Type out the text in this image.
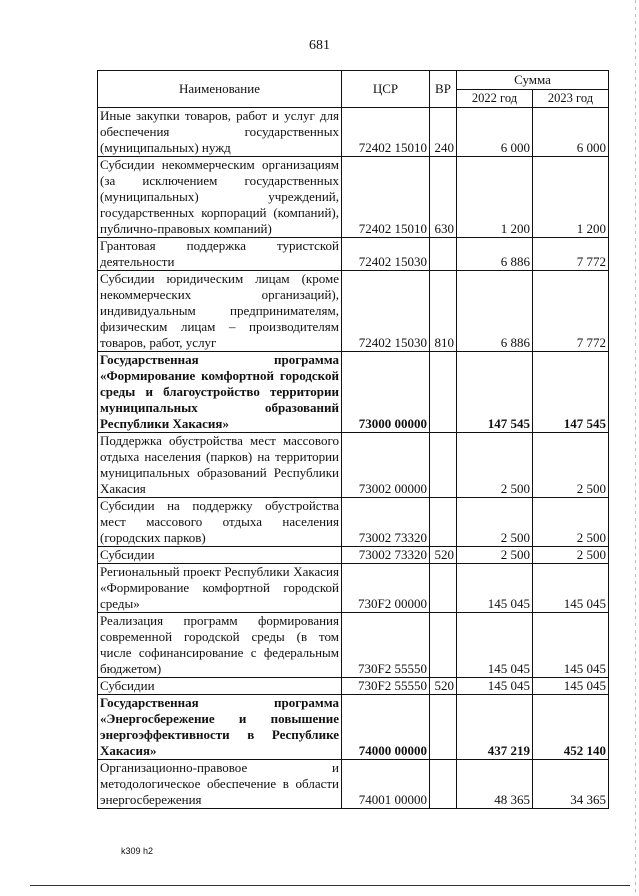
681
Наименование	ЦСР	ВР	Сумма	
			2022 год	2023 год
Иные закупки товаров, работ и услуг для обеспечения государственных (муниципальных) нужд	72402 15010	240	6 000	6 000
Субсидии некоммерческим организациям (за исключением государственных (муниципальных) учреждений, государственных корпораций (компаний), публично-правовых компаний)	72402 15010	630	1 200	1 200
Грантовая поддержка туристской деятельности	72402 15030		6 886	7 772
Субсидии юридическим лицам (кроме некоммерческих организаций), индивидуальным предпринимателям, физическим лицам – производителям товаров, работ, услуг	72402 15030	810	6 886	7 772
Государственная программа «Формирование комфортной городской среды и благоустройство территории муниципальных образований Республики Хакасия»	73000 00000		147 545	147 545
Поддержка обустройства мест массового отдыха населения (парков) на территории муниципальных образований Республики Хакасия	73002 00000		2 500	2 500
Субсидии на поддержку обустройства мест массового отдыха населения (городских парков)	73002 73320		2 500	2 500
Субсидии	73002 73320	520	2 500	2 500
Региональный проект Республики Хакасия «Формирование комфортной городской среды»	730F2 00000		145 045	145 045
Реализация программ формирования современной городской среды (в том числе софинансирование с федеральным бюджетом)	730F2 55550		145 045	145 045
Субсидии	730F2 55550	520	145 045	145 045
Государственная программа «Энергосбережение и повышение энергоэффективности в Республике Хакасия»	74000 00000		437 219	452 140
Организационно-правовое и методологическое обеспечение в области энергосбережения	74001 00000		48 365	34 365
k309 h2
